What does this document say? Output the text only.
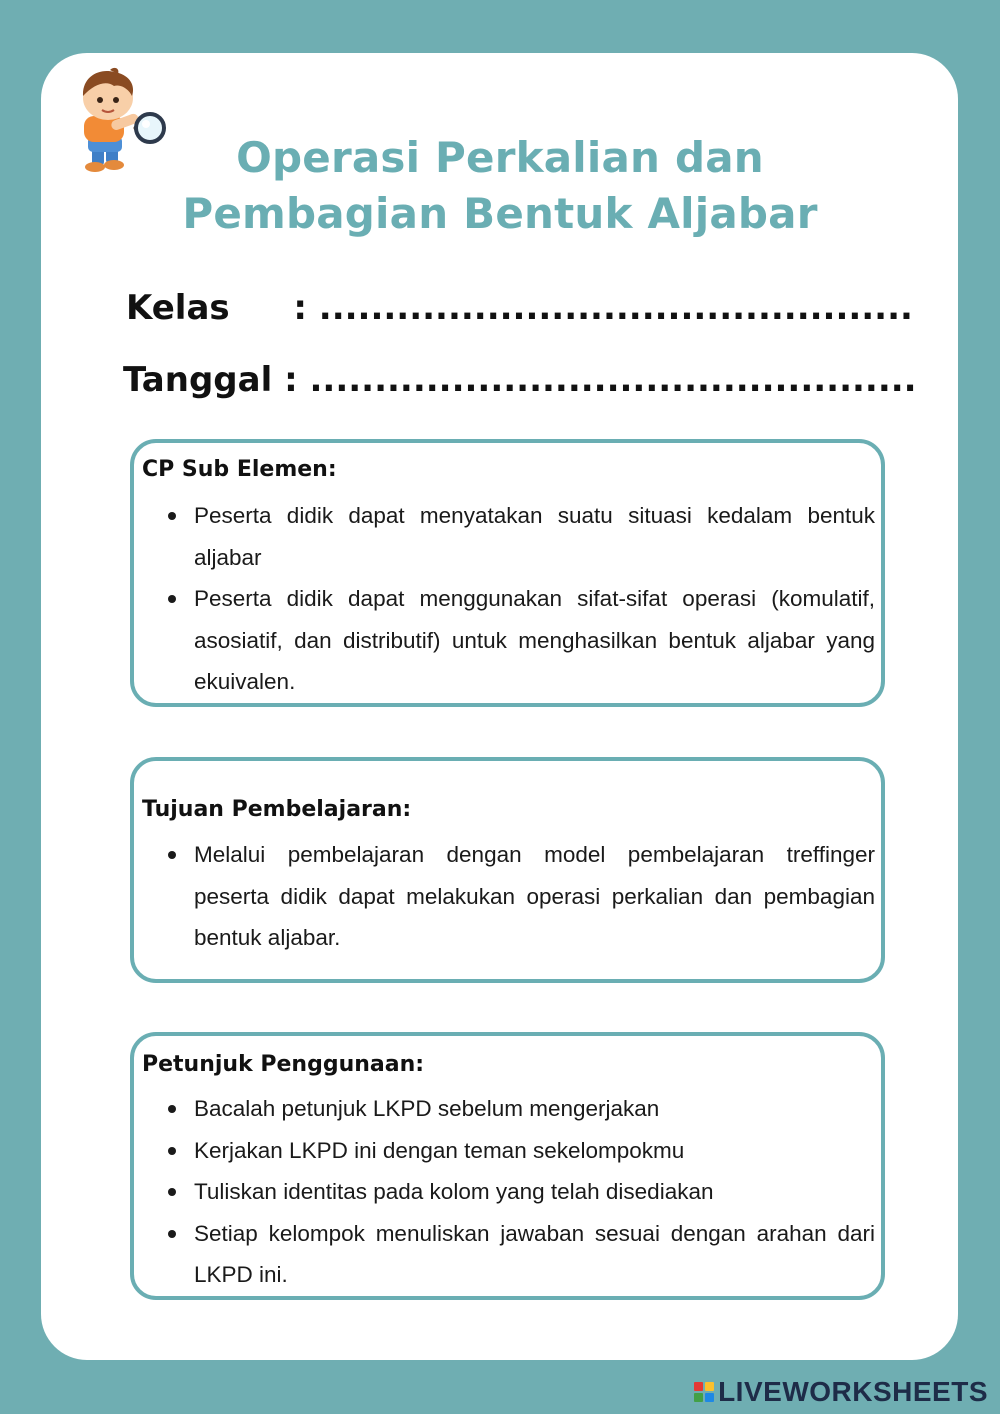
Operasi Perkalian dan
Pembagian Bentuk Aljabar
Kelas : ..............................................
Tanggal : ...............................................
CP Sub Elemen:
Peserta didik dapat menyatakan suatu situasi kedalam bentuk aljabar
Peserta didik dapat menggunakan sifat-sifat operasi (komulatif, asosiatif, dan distributif) untuk menghasilkan bentuk aljabar yang ekuivalen.
Tujuan Pembelajaran:
Melalui pembelajaran dengan model pembelajaran treffinger peserta didik dapat melakukan operasi perkalian dan pembagian bentuk aljabar.
Petunjuk Penggunaan:
Bacalah petunjuk LKPD sebelum mengerjakan
Kerjakan LKPD ini dengan teman sekelompokmu
Tuliskan identitas pada kolom yang telah disediakan
Setiap kelompok menuliskan jawaban sesuai dengan arahan dari LKPD ini.
LIVEWORKSHEETS
